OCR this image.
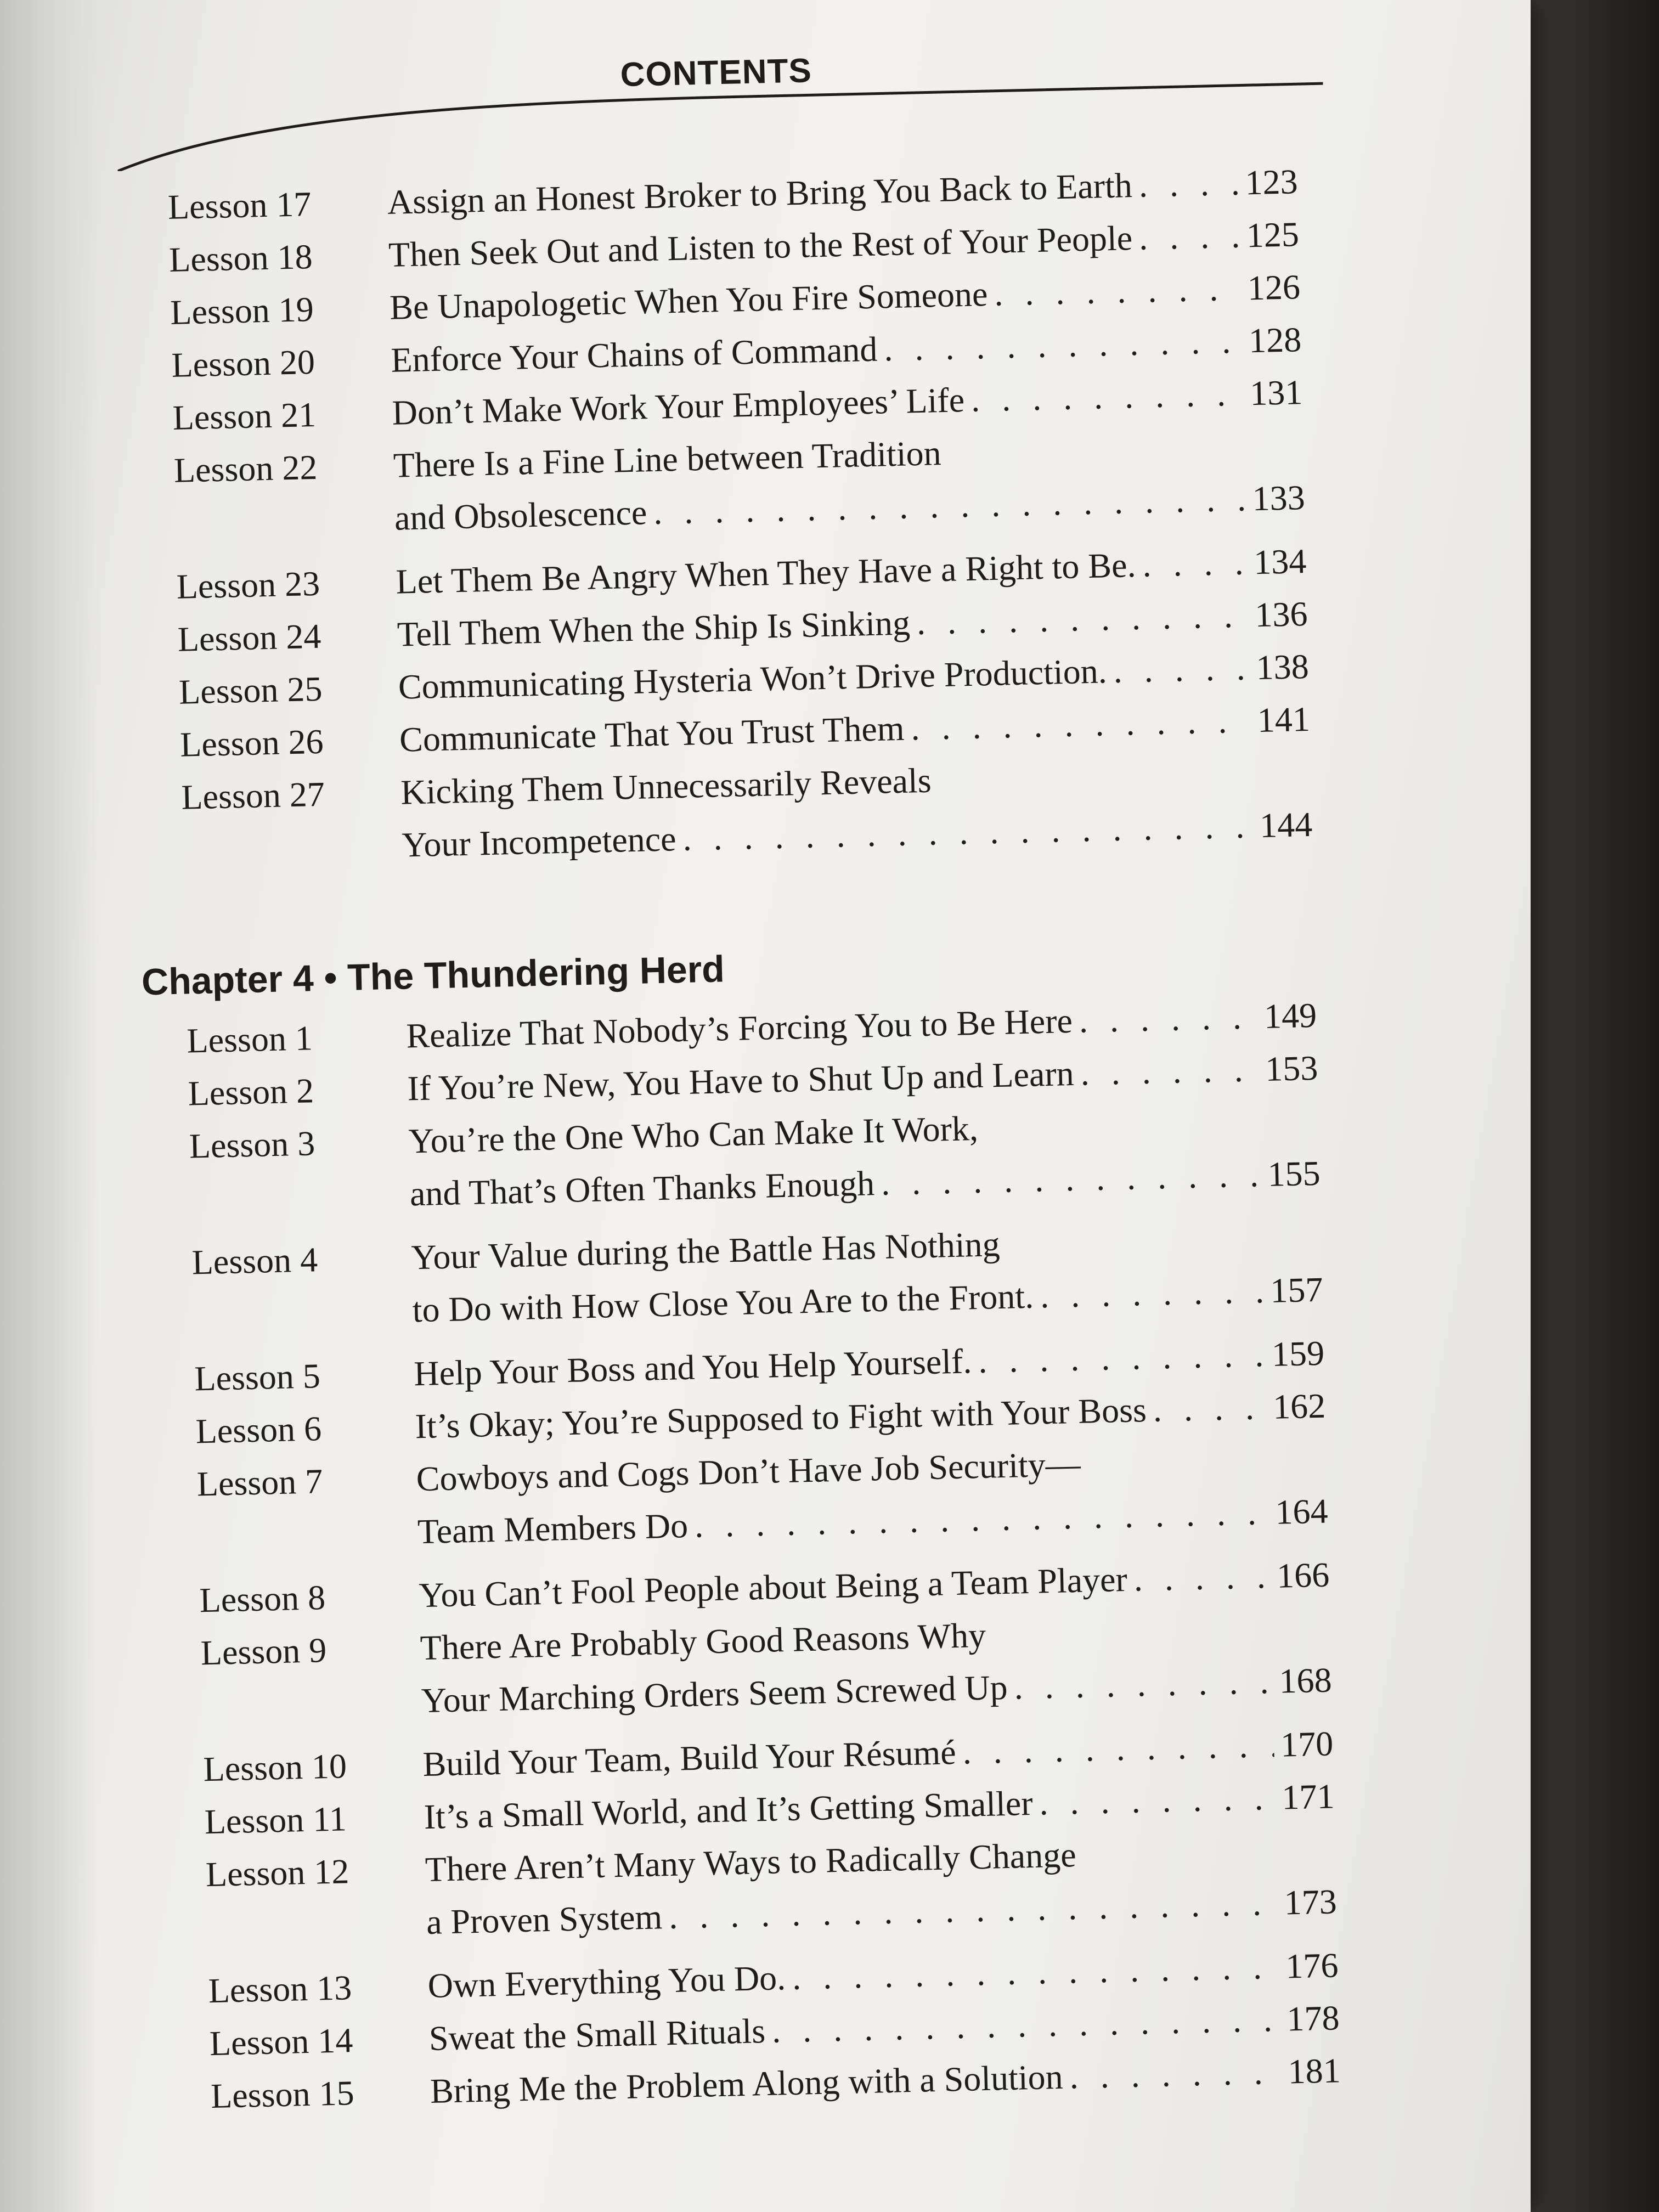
CONTENTS
Lesson 17 Assign an Honest Broker to Bring You Back to Earth . . .	123
Lesson 18 Then Seek Out and Listen to the Rest of Your People . . .	125
Lesson 19 Be Unapologetic When You Fire Someone . . .	126
Lesson 20 Enforce Your Chains of Command . . .	128
Lesson 21 Don’t Make Work Your Employees’ Life . . .	131
Lesson 22 There Is a Fine Line between Tradition
and Obsolescence . . .	133
Lesson 23 Let Them Be Angry When They Have a Right to Be. . . .	134
Lesson 24 Tell Them When the Ship Is Sinking . . .	136
Lesson 25 Communicating Hysteria Won’t Drive Production. . . .	138
Lesson 26 Communicate That You Trust Them . . .	141
Lesson 27 Kicking Them Unnecessarily Reveals
Your Incompetence . . .	144
Chapter 4 • The Thundering Herd
Lesson 1	Realize That Nobody’s Forcing You to Be Here . . .	149
Lesson 2	If You’re New, You Have to Shut Up and Learn . . .	153
Lesson 3	You’re the One Who Can Make It Work,
and That’s Often Thanks Enough . . .	155
Lesson 4	Your Value during the Battle Has Nothing
to Do with How Close You Are to the Front. . . .	157
Lesson 5	Help Your Boss and You Help Yourself. . . .	159
Lesson 6	It’s Okay; You’re Supposed to Fight with Your Boss . . .	162
Lesson 7	Cowboys and Cogs Don’t Have Job Security—
Team Members Do . . .	164
Lesson 8	You Can’t Fool People about Being a Team Player . . .	166
Lesson 9	There Are Probably Good Reasons Why
Your Marching Orders Seem Screwed Up . . .	168
Lesson 10 Build Your Team, Build Your Résumé . . .	170
Lesson 11 It’s a Small World, and It’s Getting Smaller . . .	171
Lesson 12 There Aren’t Many Ways to Radically Change
a Proven System . . .	173
Lesson 13 Own Everything You Do. . . .	176
Lesson 14 Sweat the Small Rituals . . .	178
Lesson 15 Bring Me the Problem Along with a Solution . . .	181
